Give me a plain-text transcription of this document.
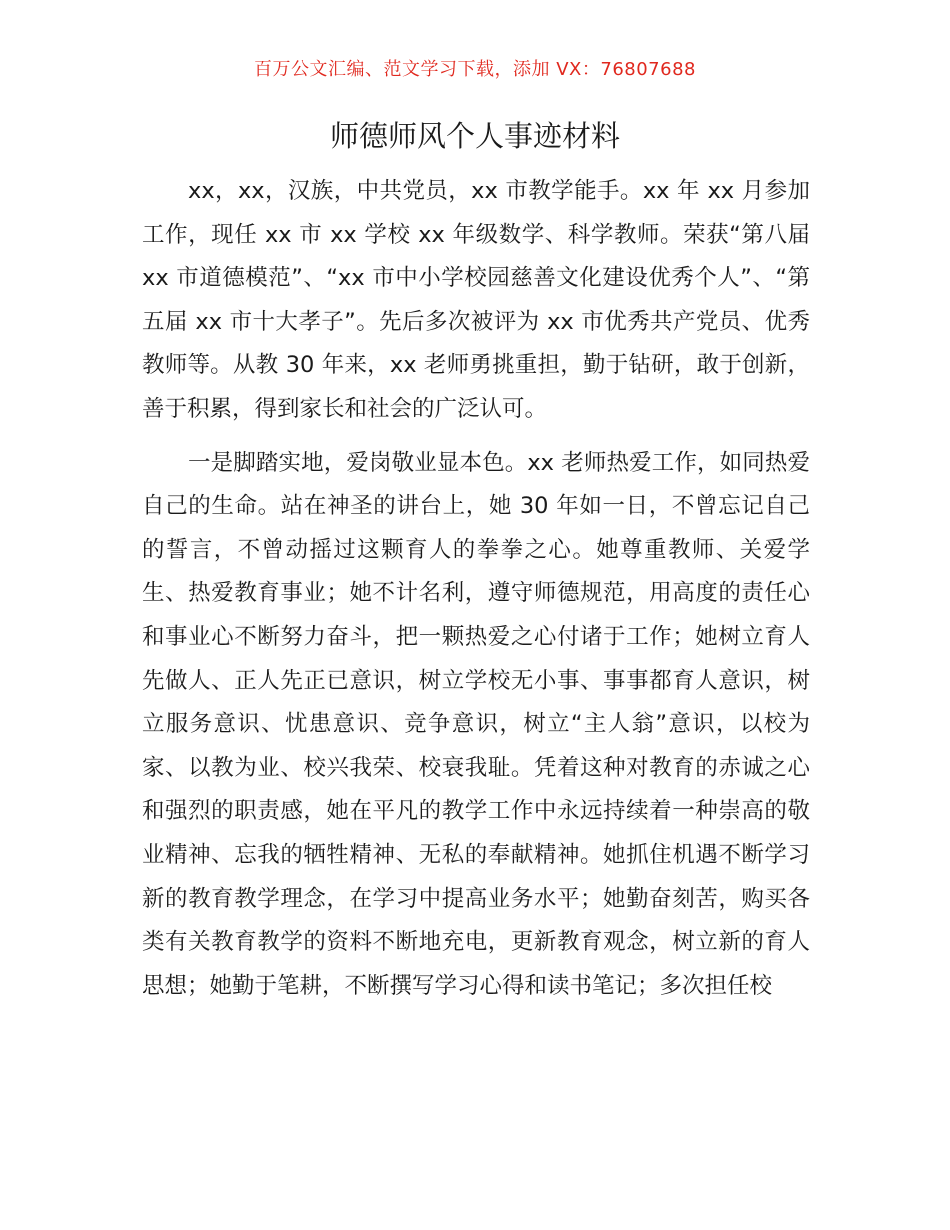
百万公文汇编、范文学习下载，添加 VX：76807688
师德师风个人事迹材料

xx，xx，汉族，中共党员，xx 市教学能手。xx 年 xx 月参加工作，现任 xx 市 xx 学校 xx 年级数学、科学教师。荣获“第八届 xx 市道德模范”、“xx 市中小学校园慈善文化建设优秀个人”、“第五届 xx 市十大孝子”。先后多次被评为 xx 市优秀共产党员、优秀教师等。从教 30 年来，xx 老师勇挑重担，勤于钻研，敢于创新，善于积累，得到家长和社会的广泛认可。

一是脚踏实地，爱岗敬业显本色。xx 老师热爱工作，如同热爱自己的生命。站在神圣的讲台上，她 30 年如一日，不曾忘记自己的誓言，不曾动摇过这颗育人的拳拳之心。她尊重教师、关爱学生、热爱教育事业；她不计名利，遵守师德规范，用高度的责任心和事业心不断努力奋斗，把一颗热爱之心付诸于工作；她树立育人先做人、正人先正已意识，树立学校无小事、事事都育人意识，树立服务意识、忧患意识、竞争意识，树立“主人翁”意识，以校为家、以教为业、校兴我荣、校衰我耻。凭着这种对教育的赤诚之心和强烈的职责感，她在平凡的教学工作中永远持续着一种崇高的敬业精神、忘我的牺牲精神、无私的奉献精神。她抓住机遇不断学习新的教育教学理念，在学习中提高业务水平；她勤奋刻苦，购买各类有关教育教学的资料不断地充电，更新教育观念，树立新的育人思想；她勤于笔耕，不断撰写学习心得和读书笔记；多次担任校
